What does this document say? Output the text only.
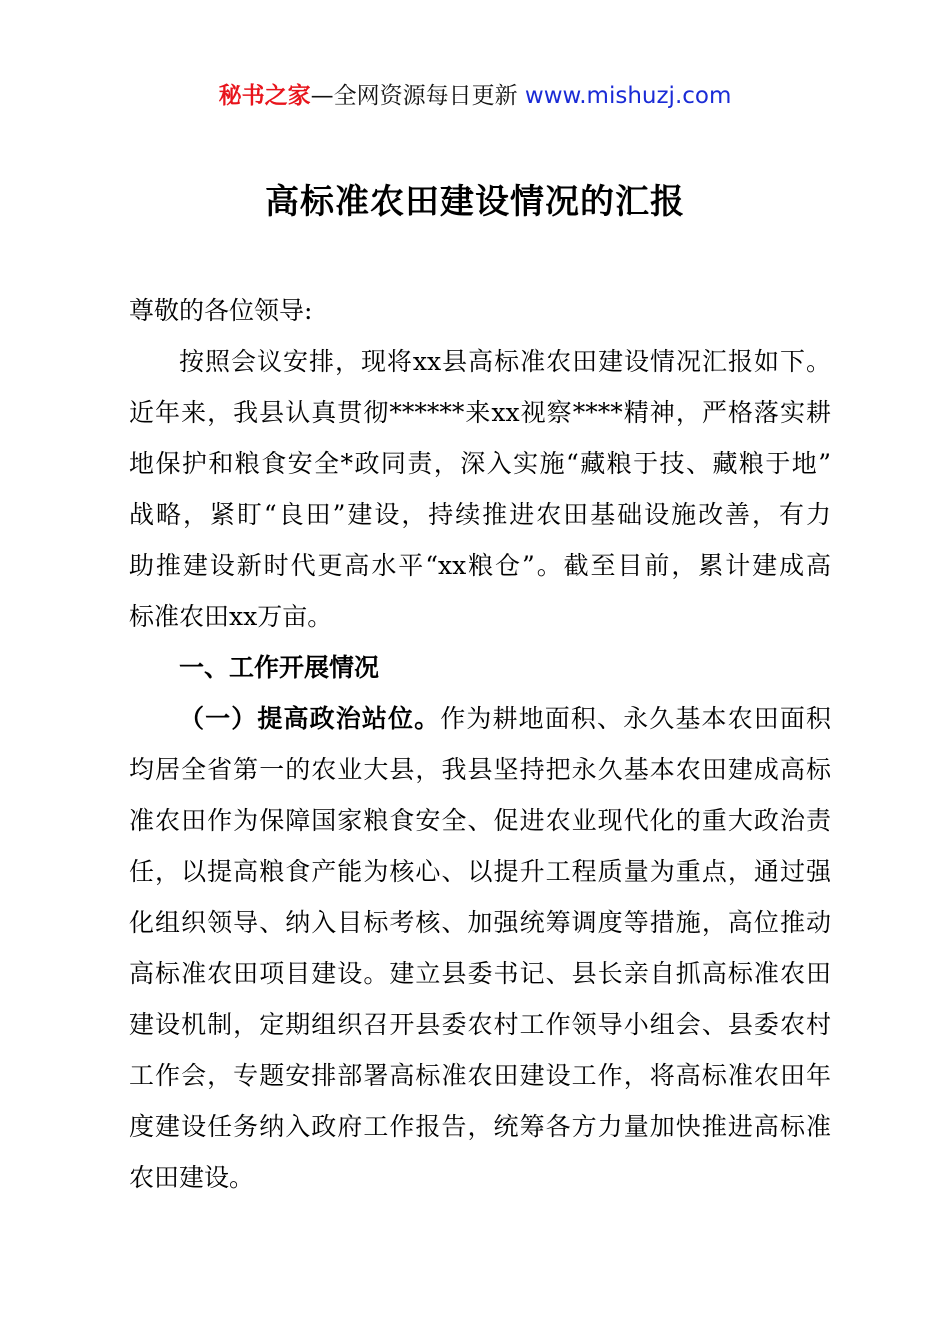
秘书之家—全网资源每日更新 www.mishuzj.com
高标准农田建设情况的汇报
尊敬的各位领导:
按照会议安排，现将xx县高标准农田建设情况汇报如下。
近年来，我县认真贯彻******来xx视察****精神，严格落实耕
地保护和粮食安全*政同责，深入实施“藏粮于技、藏粮于地”
战略，紧盯“良田”建设，持续推进农田基础设施改善，有力
助推建设新时代更高水平“xx粮仓”。截至目前，累计建成高
标准农田xx万亩。
一、工作开展情况
（一）提高政治站位。作为耕地面积、永久基本农田面积
均居全省第一的农业大县，我县坚持把永久基本农田建成高标
准农田作为保障国家粮食安全、促进农业现代化的重大政治责
任，以提高粮食产能为核心、以提升工程质量为重点，通过强
化组织领导、纳入目标考核、加强统筹调度等措施，高位推动
高标准农田项目建设。建立县委书记、县长亲自抓高标准农田
建设机制，定期组织召开县委农村工作领导小组会、县委农村
工作会，专题安排部署高标准农田建设工作，将高标准农田年
度建设任务纳入政府工作报告，统筹各方力量加快推进高标准
农田建设。
